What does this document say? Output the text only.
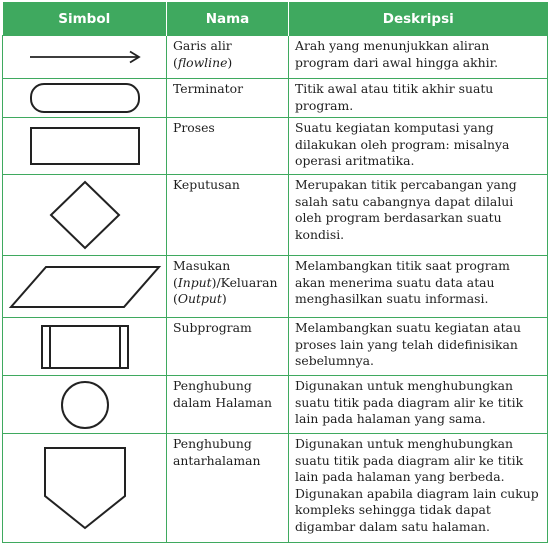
Simbol	Nama	Deskripsi

	Garis alir
(flowline)	Arah yang menunjukkan aliran program dari awal hingga akhir.

	Terminator	Titik awal atau titik akhir suatu program.

	Proses	Suatu kegiatan komputasi yang dilakukan oleh program: misalnya operasi aritmatika.

	Keputusan	Merupakan titik percabangan yang salah satu cabangnya dapat dilalui oleh program berdasarkan suatu kondisi.

	Masukan
(Input)/Keluaran
(Output)	Melambangkan titik saat program akan menerima suatu data atau menghasilkan suatu informasi.

	Subprogram	Melambangkan suatu kegiatan atau proses lain yang telah didefinisikan sebelumnya.

	Penghubung dalam Halaman	Digunakan untuk menghubungkan suatu titik pada diagram alir ke titik lain pada halaman yang sama.

	Penghubung antarhalaman	Digunakan untuk menghubungkan suatu titik pada diagram alir ke titik lain pada halaman yang berbeda. Digunakan apabila diagram lain cukup kompleks sehingga tidak dapat digambar dalam satu halaman.
